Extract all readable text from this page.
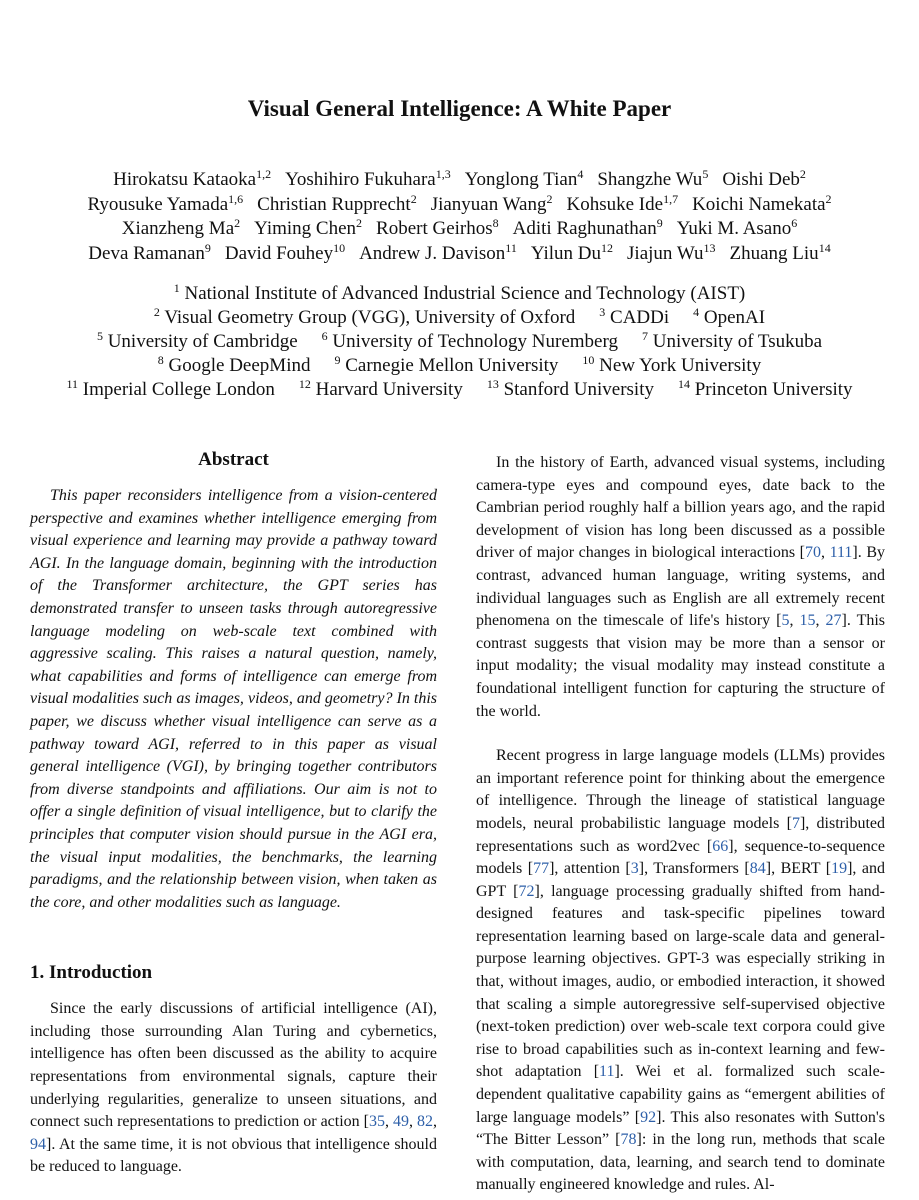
Visual General Intelligence: A White Paper
Hirokatsu Kataoka$^{1,2}$ Yoshihiro Fukuhara$^{1,3}$ Yonglong Tian$^4$ Shangzhe Wu$^5$ Oishi Deb$^2$
Ryousuke Yamada$^{1,6}$ Christian Rupprecht$^2$ Jianyuan Wang$^2$ Kohsuke Ide$^{1,7}$ Koichi Namekata$^2$
Xianzheng Ma$^2$ Yiming Chen$^2$ Robert Geirhos$^8$ Aditi Raghunathan$^9$ Yuki M. Asano$^6$
Deva Ramanan$^9$ David Fouhey$^{10}$ Andrew J. Davison$^{11}$ Yilun Du$^{12}$ Jiajun Wu$^{13}$ Zhuang Liu$^{14}$
$^1$ National Institute of Advanced Industrial Science and Technology (AIST)
$^2$ Visual Geometry Group (VGG), University of Oxford $^3$ CADDi $^4$ OpenAI
$^5$ University of Cambridge $^6$ University of Technology Nuremberg $^7$ University of Tsukuba
$^8$ Google DeepMind $^9$ Carnegie Mellon University $^{10}$ New York University
$^{11}$ Imperial College London $^{12}$ Harvard University $^{13}$ Stanford University $^{14}$ Princeton University
Abstract

This paper reconsiders intelligence from a vision-centered perspective and examines whether intelligence emerging from visual experience and learning may provide a pathway toward AGI. In the language domain, beginning with the introduction of the Transformer architecture, the GPT series has demonstrated transfer to unseen tasks through autoregressive language modeling on web-scale text combined with aggressive scaling. This raises a natural question, namely, what capabilities and forms of intelligence can emerge from visual modalities such as images, videos, and geometry? In this paper, we discuss whether visual intelligence can serve as a pathway toward AGI, referred to in this paper as visual general intelligence (VGI), by bringing together contributors from diverse standpoints and affiliations. Our aim is not to offer a single definition of visual intelligence, but to clarify the principles that computer vision should pursue in the AGI era, the visual input modalities, the benchmarks, the learning paradigms, and the relationship between vision, when taken as the core, and other modalities such as language.

1. Introduction

Since the early discussions of artificial intelligence (AI), including those surrounding Alan Turing and cybernetics, intelligence has often been discussed as the ability to acquire representations from environmental signals, capture their underlying regularities, generalize to unseen situations, and connect such representations to prediction or action [35, 49, 82, 94]. At the same time, it is not obvious that intelligence should be reduced to language.

In the history of Earth, advanced visual systems, including camera-type eyes and compound eyes, date back to the Cambrian period roughly half a billion years ago, and the rapid development of vision has long been discussed as a possible driver of major changes in biological interactions [70, 111]. By contrast, advanced human language, writing systems, and individual languages such as English are all extremely recent phenomena on the timescale of life's history [5, 15, 27]. This contrast suggests that vision may be more than a sensor or input modality; the visual modality may instead constitute a foundational intelligent function for capturing the structure of the world.

Recent progress in large language models (LLMs) provides an important reference point for thinking about the emergence of intelligence. Through the lineage of statistical language models, neural probabilistic language models [7], distributed representations such as word2vec [66], sequence-to-sequence models [77], attention [3], Transformers [84], BERT [19], and GPT [72], language processing gradually shifted from hand-designed features and task-specific pipelines toward representation learning based on large-scale data and general-purpose learning objectives. GPT-3 was especially striking in that, without images, audio, or embodied interaction, it showed that scaling a simple autoregressive self-supervised objective (next-token prediction) over web-scale text corpora could give rise to broad capabilities such as in-context learning and few-shot adaptation [11]. Wei et al. formalized such scale-dependent qualitative capability gains as “emergent abilities of large language models” [92]. This also resonates with Sutton's “The Bitter Lesson” [78]: in the long run, methods that scale with computation, data, learning, and search tend to dominate manually engineered knowledge and rules. Al-
